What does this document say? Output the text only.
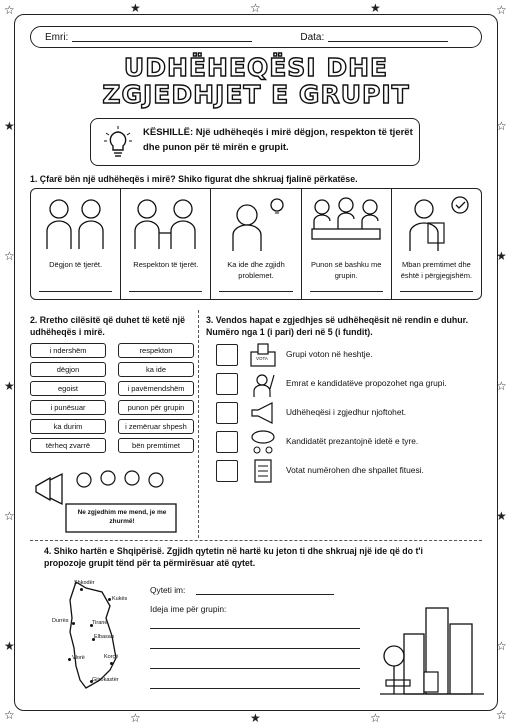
☆	☆
☆	☆
★
☆
★
☆
★
☆
★
☆
★
☆
★	☆	★
☆	★	☆
Emri:	Data:
UDHËHEQËSI DHE
ZGJEDHJET E GRUPIT
KËSHILLË: Një udhëheqës i mirë dëgjon, respekton të tjerët dhe punon për të mirën e grupit.
1. Çfarë bën një udhëheqës i mirë? Shiko figurat dhe shkruaj fjalinë përkatëse.
Dëgjon të tjerët.	Respekton të tjerët.	Ka ide dhe zgjidh problemet.
Punon së bashku me grupin.
Mban premtimet dhe është i përgjegjshëm.
2. Rretho cilësitë që duhet të ketë një udhëheqës i mirë.
i ndershëm	respekton
dëgjon	ka ide
egoist	i pavëmendshëm
i punësuar	punon për grupin
ka durim	i zemëruar shpesh
tërheq zvarrë	bën premtimet
Ne zgjedhim me mend, je me zhurmë!
3. Vendos hapat e zgjedhjes së udhëheqësit në rendin e duhur. Numëro nga 1 (i pari) deri në 5 (i fundit).
VOTA Grupi voton në heshtje.
Emrat e kandidatëve propozohet nga grupi.
Udhëheqësi i zgjedhur njoftohet.
Kandidatët prezantojnë idetë e tyre.
Votat numërohen dhe shpallet fituesi.
4. Shiko hartën e Shqipërisë. Zgjidh qytetin në hartë ku jeton ti dhe shkruaj një ide që do t'i propozoje grupit tënd për ta përmirësuar atë qytet.
Shkodër
Kukës
Durrës	Tiranë
Elbasan
Vlorë	Korçë
Gjirokastër
Qyteti im:
Ideja ime për grupin:
